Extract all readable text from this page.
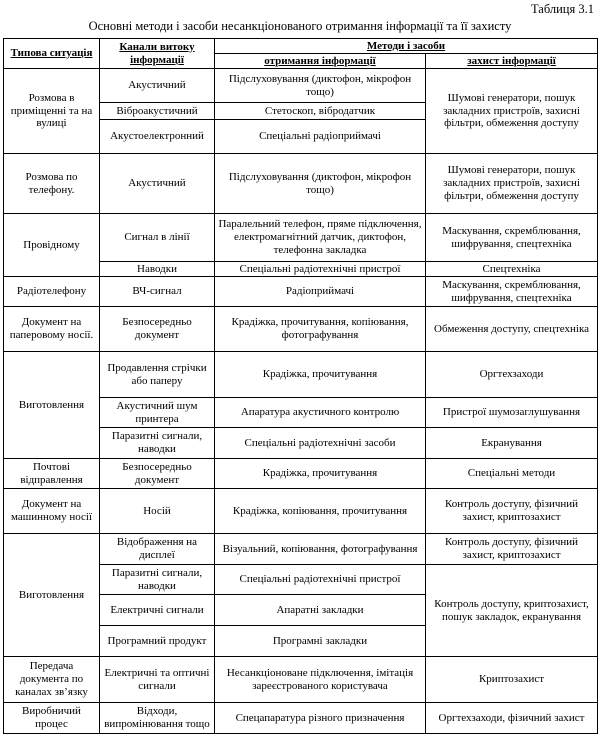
Таблиця 3.1
Основні методи і засоби несанкціонованого отримання інформації та її захисту
Типова ситуація	Канали витоку інформації	Методи і засоби	
		отримання інформації	захист інформації
Розмова в приміщенні та на вулиці	Акустичний	Підслуховування (диктофон, мікрофон тощо)	Шумові генератори, пошук закладних пристроїв, захисні фільтри, обмеження доступу
	Віброакустичний	Стетоскоп, вібродатчик	
	Акустоелектронний	Спеціальні радіоприймачі	
Розмова по телефону.	Акустичний	Підслуховування (диктофон, мікрофон тощо)	Шумові генератори, пошук закладних пристроїв, захисні фільтри, обмеження доступу
Провідному	Сигнал в лінії	Паралельний телефон, пряме підключення, електромагнітний датчик, диктофон, телефонна закладка	Маскування, скремблювання, шифрування, спецтехніка
	Наводки	Спеціальні радіотехнічні пристрої	Спецтехніка
Радіотелефону	ВЧ-сигнал	Радіоприймачі	Маскування, скремблювання, шифрування, спецтехніка
Документ на паперовому носії.	Безпосередньо документ	Крадіжка, прочитування, копіювання, фотографування	Обмеження доступу, спецтехніка
Виготовлення	Продавлення стрічки або паперу	Крадіжка, прочитування	Оргтехзаходи
	Акустичний шум принтера	Апаратура акустичного контролю	Пристрої шумозаглушування
	Паразитні сигнали, наводки	Спеціальні радіотехнічні засоби	Екранування
Почтові відправлення	Безпосередньо документ	Крадіжка, прочитування	Спеціальні методи
Документ на машинному носії	Носій	Крадіжка, копіювання, прочитування	Контроль доступу, фізичний захист, криптозахист
Виготовлення	Відображення на дисплеї	Візуальний, копіювання, фотографування	Контроль доступу, фізичний захист, криптозахист
	Паразитні сигнали, наводки	Спеціальні радіотехнічні пристрої	Контроль доступу, криптозахист, пошук закладок, екранування
	Електричні сигнали	Апаратні закладки	
	Програмний продукт	Програмні закладки	
Передача документа по каналах зв’язку	Електричні та оптичні сигнали	Несанкціоноване підключення, імітація зареєстрованого користувача	Криптозахист
Виробничий процес	Відходи, випромінювання тощо	Спецапаратура різного призначення	Оргтехзаходи, фізичний захист
